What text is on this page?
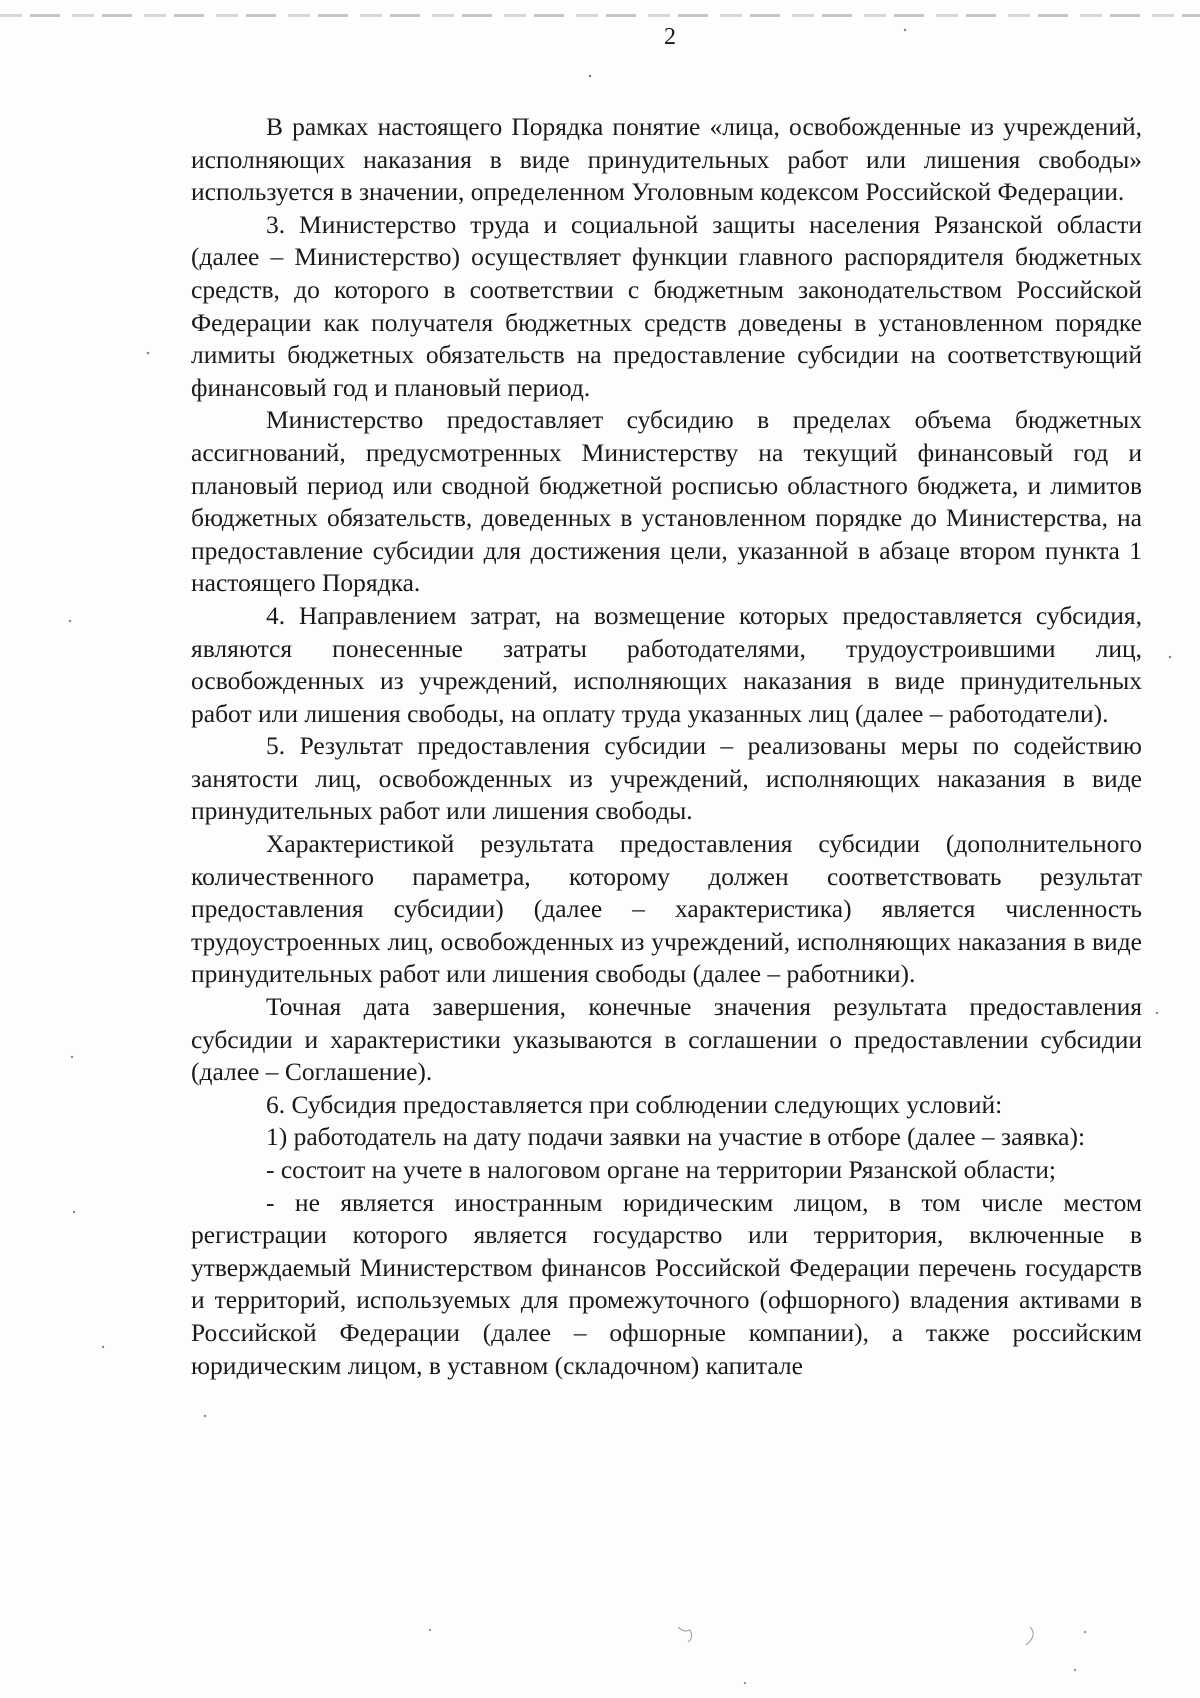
2

В рамках настоящего Порядка понятие «лица, освобожденные из учреждений, исполняющих наказания в виде принудительных работ или лишения свободы» используется в значении, определенном Уголовным кодексом Российской Федерации.

3. Министерство труда и социальной защиты населения Рязанской области (далее – Министерство) осуществляет функции главного распорядителя бюджетных средств, до которого в соответствии с бюджетным законодательством Российской Федерации как получателя бюджетных средств доведены в установленном порядке лимиты бюджетных обязательств на предоставление субсидии на соответствующий финансовый год и плановый период.

Министерство предоставляет субсидию в пределах объема бюджетных ассигнований, предусмотренных Министерству на текущий финансовый год и плановый период или сводной бюджетной росписью областного бюджета, и лимитов бюджетных обязательств, доведенных в установленном порядке до Министерства, на предоставление субсидии для достижения цели, указанной в абзаце втором пункта 1 настоящего Порядка.

4. Направлением затрат, на возмещение которых предоставляется субсидия, являются понесенные затраты работодателями, трудоустроившими лиц, освобожденных из учреждений, исполняющих наказания в виде принудительных работ или лишения свободы, на оплату труда указанных лиц (далее – работодатели).

5. Результат предоставления субсидии – реализованы меры по содействию занятости лиц, освобожденных из учреждений, исполняющих наказания в виде принудительных работ или лишения свободы.

Характеристикой результата предоставления субсидии (дополнительного количественного параметра, которому должен соответствовать результат предоставления субсидии) (далее – характеристика) является численность трудоустроенных лиц, освобожденных из учреждений, исполняющих наказания в виде принудительных работ или лишения свободы (далее – работники).

Точная дата завершения, конечные значения результата предоставления субсидии и характеристики указываются в соглашении о предоставлении субсидии (далее – Соглашение).

6. Субсидия предоставляется при соблюдении следующих условий:

1) работодатель на дату подачи заявки на участие в отборе (далее – заявка):

- состоит на учете в налоговом органе на территории Рязанской области;

- не является иностранным юридическим лицом, в том числе местом регистрации которого является государство или территория, включенные в утверждаемый Министерством финансов Российской Федерации перечень государств и территорий, используемых для промежуточного (офшорного) владения активами в Российской Федерации (далее – офшорные компании), а также российским юридическим лицом, в уставном (складочном) капитале
